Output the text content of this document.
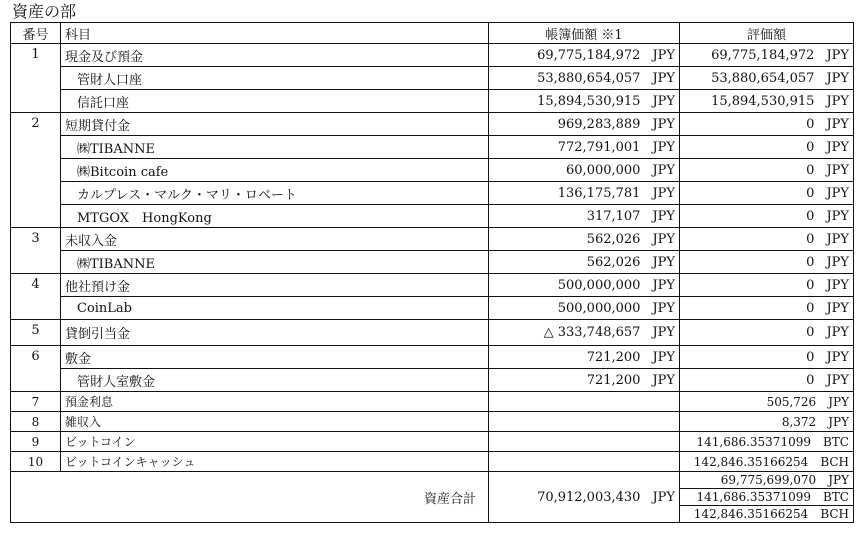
資産の部
番号	科目	帳簿価額 ※1	評価額
1	現金及び預金	69,775,184,972 JPY	69,775,184,972 JPY
	管財人口座	53,880,654,057 JPY	53,880,654,057 JPY
	信託口座	15,894,530,915 JPY	15,894,530,915 JPY
2	短期貸付金	969,283,889 JPY	0 JPY
	㈱TIBANNE	772,791,001 JPY	0 JPY
	㈱Bitcoin cafe	60,000,000 JPY	0 JPY
	カルプレス・マルク・マリ・ロベート	136,175,781 JPY	0 JPY
	MTGOX　HongKong	317,107 JPY	0 JPY
3	未収入金	562,026 JPY	0 JPY
	㈱TIBANNE	562,026 JPY	0 JPY
4	他社預け金	500,000,000 JPY	0 JPY
	CoinLab	500,000,000 JPY	0 JPY
5	貸倒引当金	△ 333,748,657 JPY	0 JPY
6	敷金	721,200 JPY	0 JPY
	管財人室敷金	721,200 JPY	0 JPY
7	預金利息		505,726 JPY
8	雑収入		8,372 JPY
9	ビットコイン		141,686.35371099 BTC
10	ビットコインキャッシュ		142,846.35166254 BCH
資産合計		70,912,003,430 JPY	69,775,699,070 JPY
			141,686.35371099 BTC
			142,846.35166254 BCH
